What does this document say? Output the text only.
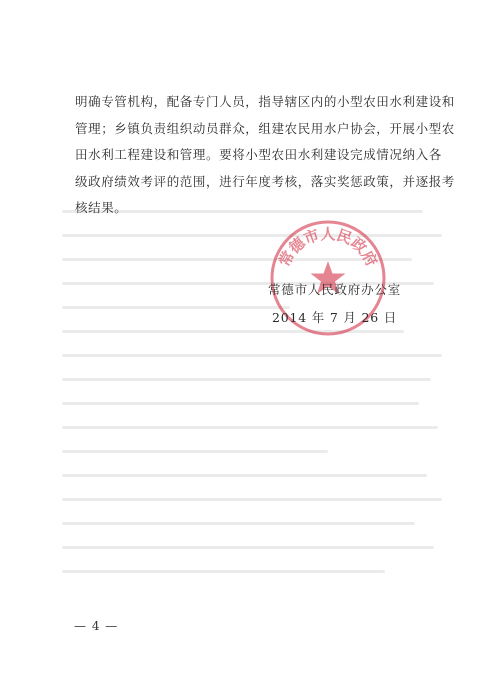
明确专管机构，配备专门人员，指导辖区内的小型农田水利建设和
管理；乡镇负责组织动员群众，组建农民用水户协会，开展小型农
田水利工程建设和管理。要将小型农田水利建设完成情况纳入各
级政府绩效考评的范围，进行年度考核，落实奖惩政策，并逐报考
核结果。

常德市人民政府
常德市人民政府办公室
2014 年 7 月 26 日
— 4 —
